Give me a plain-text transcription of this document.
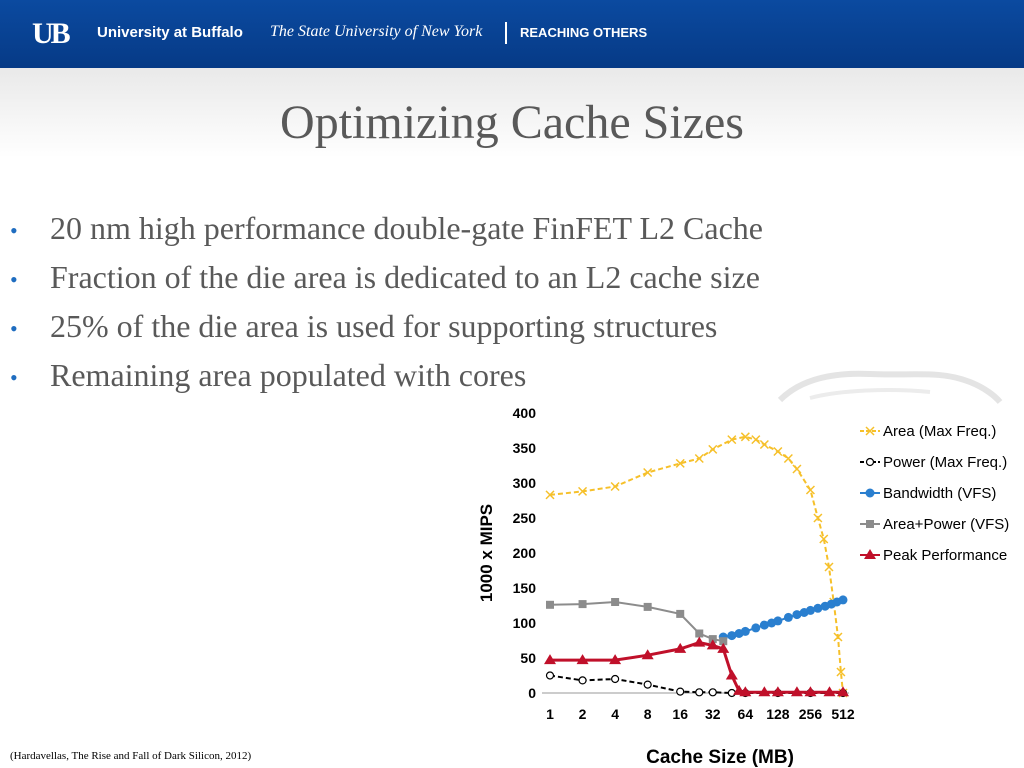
UB University at Buffalo The State University of New York	REACHING OTHERS
Optimizing Cache Sizes
• 20 nm high performance double-gate FinFET L2 Cache
• Fraction of the die area is dedicated to an L2 cache size
• 25% of the die area is used for supporting structures
• Remaining area populated with cores
0
50
100
150
200
250
300
350
400
1 2 4 8 16 32 64 128 256 512
1000 x MIPS
Cache Size (MB)
Area (Max Freq.)
Power (Max Freq.)
Bandwidth (VFS)
Area+Power (VFS)
Peak Performance
(Hardavellas, The Rise and Fall of Dark Silicon, 2012)
